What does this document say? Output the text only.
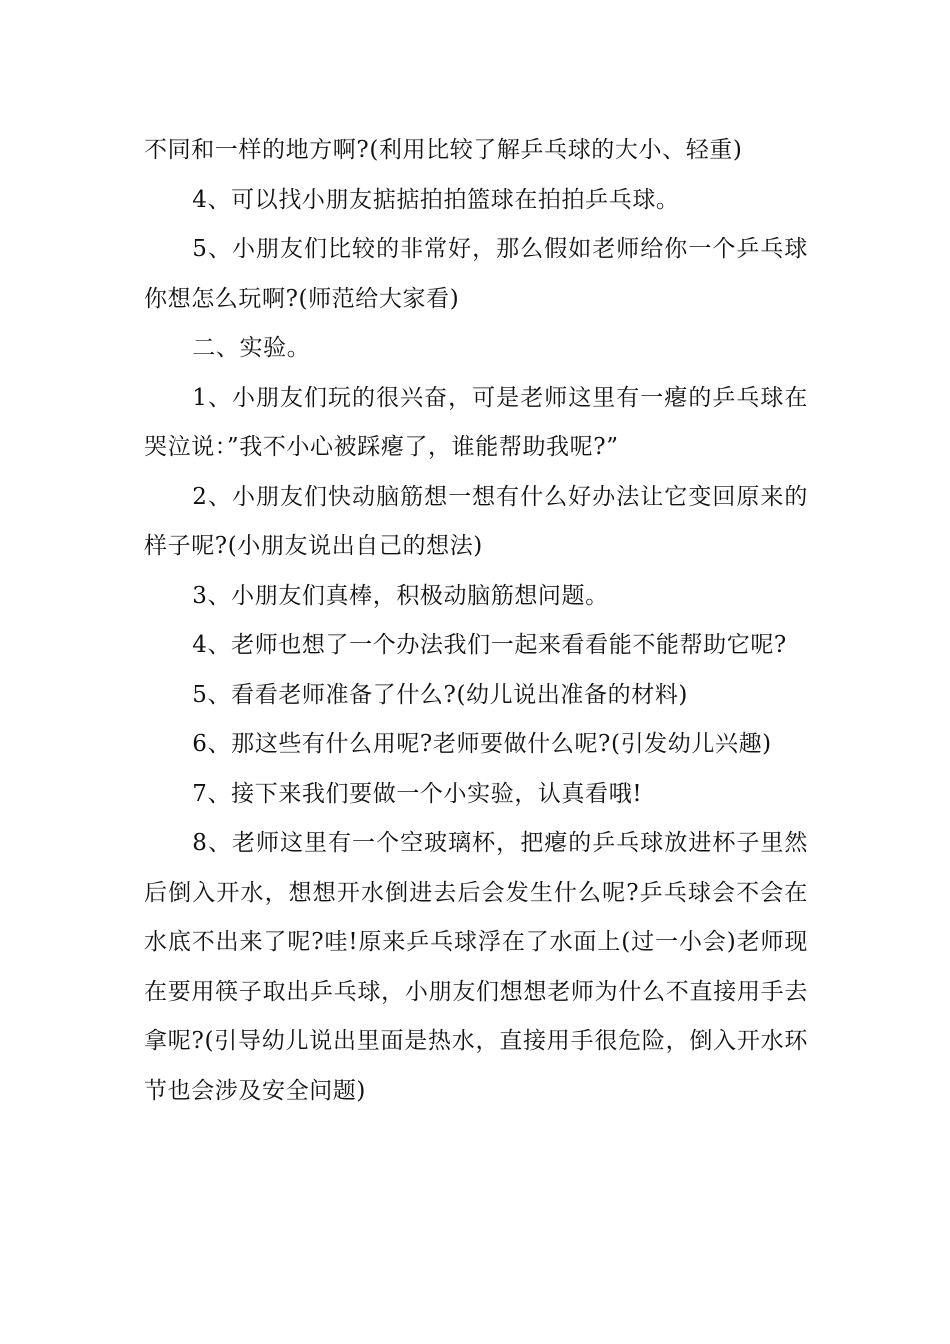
不同和一样的地方啊?(利用比较了解乒乓球的大小、轻重)

4、可以找小朋友掂掂拍拍篮球在拍拍乒乓球。

5、小朋友们比较的非常好，那么假如老师给你一个乒乓球你想怎么玩啊?(师范给大家看)

二、实验。

1、小朋友们玩的很兴奋，可是老师这里有一瘪的乒乓球在哭泣说：”我不小心被踩瘪了，谁能帮助我呢?”

2、小朋友们快动脑筋想一想有什么好办法让它变回原来的样子呢?(小朋友说出自己的想法)

3、小朋友们真棒，积极动脑筋想问题。

4、老师也想了一个办法我们一起来看看能不能帮助它呢?

5、看看老师准备了什么?(幼儿说出准备的材料)

6、那这些有什么用呢?老师要做什么呢?(引发幼儿兴趣)

7、接下来我们要做一个小实验，认真看哦!

8、老师这里有一个空玻璃杯，把瘪的乒乓球放进杯子里然后倒入开水，想想开水倒进去后会发生什么呢?乒乓球会不会在水底不出来了呢?哇!原来乒乓球浮在了水面上(过一小会)老师现在要用筷子取出乒乓球，小朋友们想想老师为什么不直接用手去拿呢?(引导幼儿说出里面是热水，直接用手很危险，倒入开水环节也会涉及安全问题)
